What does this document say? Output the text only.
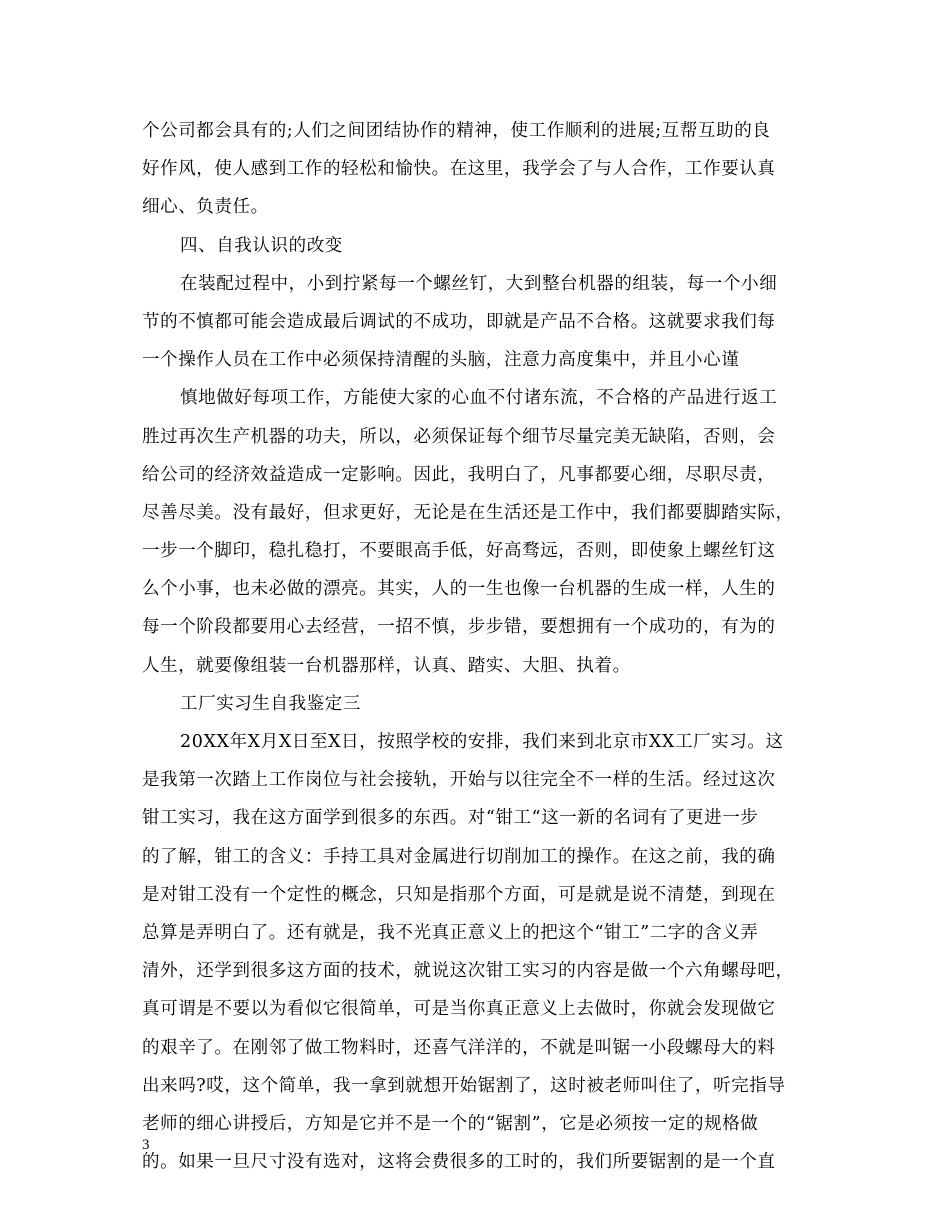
个公司都会具有的;人们之间团结协作的精神，使工作顺利的进展;互帮互助的良
好作风，使人感到工作的轻松和愉快。在这里，我学会了与人合作，工作要认真
细心、负责任。
四、自我认识的改变
在装配过程中，小到拧紧每一个螺丝钉，大到整台机器的组装，每一个小细
节的不慎都可能会造成最后调试的不成功，即就是产品不合格。这就要求我们每
一个操作人员在工作中必须保持清醒的头脑，注意力高度集中，并且小心谨
慎地做好每项工作，方能使大家的心血不付诸东流，不合格的产品进行返工
胜过再次生产机器的功夫，所以，必须保证每个细节尽量完美无缺陷，否则，会
给公司的经济效益造成一定影响。因此，我明白了，凡事都要心细，尽职尽责，
尽善尽美。没有最好，但求更好，无论是在生活还是工作中，我们都要脚踏实际，
一步一个脚印，稳扎稳打，不要眼高手低，好高骛远，否则，即使象上螺丝钉这
么个小事，也未必做的漂亮。其实，人的一生也像一台机器的生成一样，人生的
每一个阶段都要用心去经营，一招不慎，步步错，要想拥有一个成功的，有为的
人生，就要像组装一台机器那样，认真、踏实、大胆、执着。
工厂实习生自我鉴定三
20XX年X月X日至X日，按照学校的安排，我们来到北京市XX工厂实习。这
是我第一次踏上工作岗位与社会接轨，开始与以往完全不一样的生活。经过这次
钳工实习，我在这方面学到很多的东西。对“钳工“这一新的名词有了更进一步
的了解，钳工的含义：手持工具对金属进行切削加工的操作。在这之前，我的确
是对钳工没有一个定性的概念，只知是指那个方面，可是就是说不清楚，到现在
总算是弄明白了。还有就是，我不光真正意义上的把这个“钳工”二字的含义弄
清外，还学到很多这方面的技术，就说这次钳工实习的内容是做一个六角螺母吧，
真可谓是不要以为看似它很简单，可是当你真正意义上去做时，你就会发现做它
的艰辛了。在刚邻了做工物料时，还喜气洋洋的，不就是叫锯一小段螺母大的料
出来吗?哎，这个简单，我一拿到就想开始锯割了，这时被老师叫住了，听完指导
老师的细心讲授后，方知是它并不是一个的“锯割”，它是必须按一定的规格做
的。如果一旦尺寸没有选对，这将会费很多的工时的，我们所要锯割的是一个直
3
